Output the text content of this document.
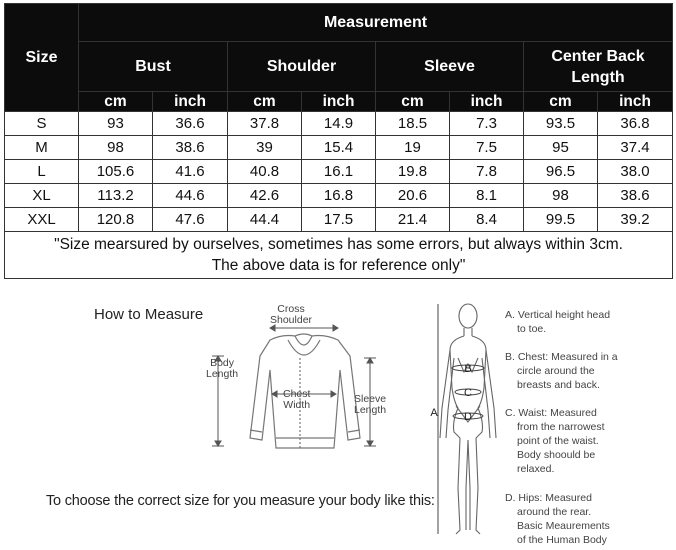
Size	Measurement							
	Bust		Shoulder		Sleeve		Center Back Length	
	cm	inch	cm	inch	cm	inch	cm	inch
S	93	36.6	37.8	14.9	18.5	7.3	93.5	36.8
M	98	38.6	39	15.4	19	7.5	95	37.4
L	105.6	41.6	40.8	16.1	19.8	7.8	96.5	38.0
XL	113.2	44.6	42.6	16.8	20.6	8.1	98	38.6
XXL	120.8	47.6	44.4	17.5	21.4	8.4	99.5	39.2

"Size mearsured by ourselves, sometimes has some errors, but always within 3cm.
The above data is for reference only"								
How to Measure	Cross
Shoulder
Body
Length
Chest
Width	Sleeve
Length
B
C
D
A
A. Vertical height head
to toe.
B. Chest: Measured in a
circle around the
breasts and back.
C. Waist: Measured
from the narrowest
point of the waist.
Body shoould be
relaxed.
D. Hips: Measured
around the rear.
Basic Meaurements
of the Human Body
To choose the correct size for you measure your body like this:
